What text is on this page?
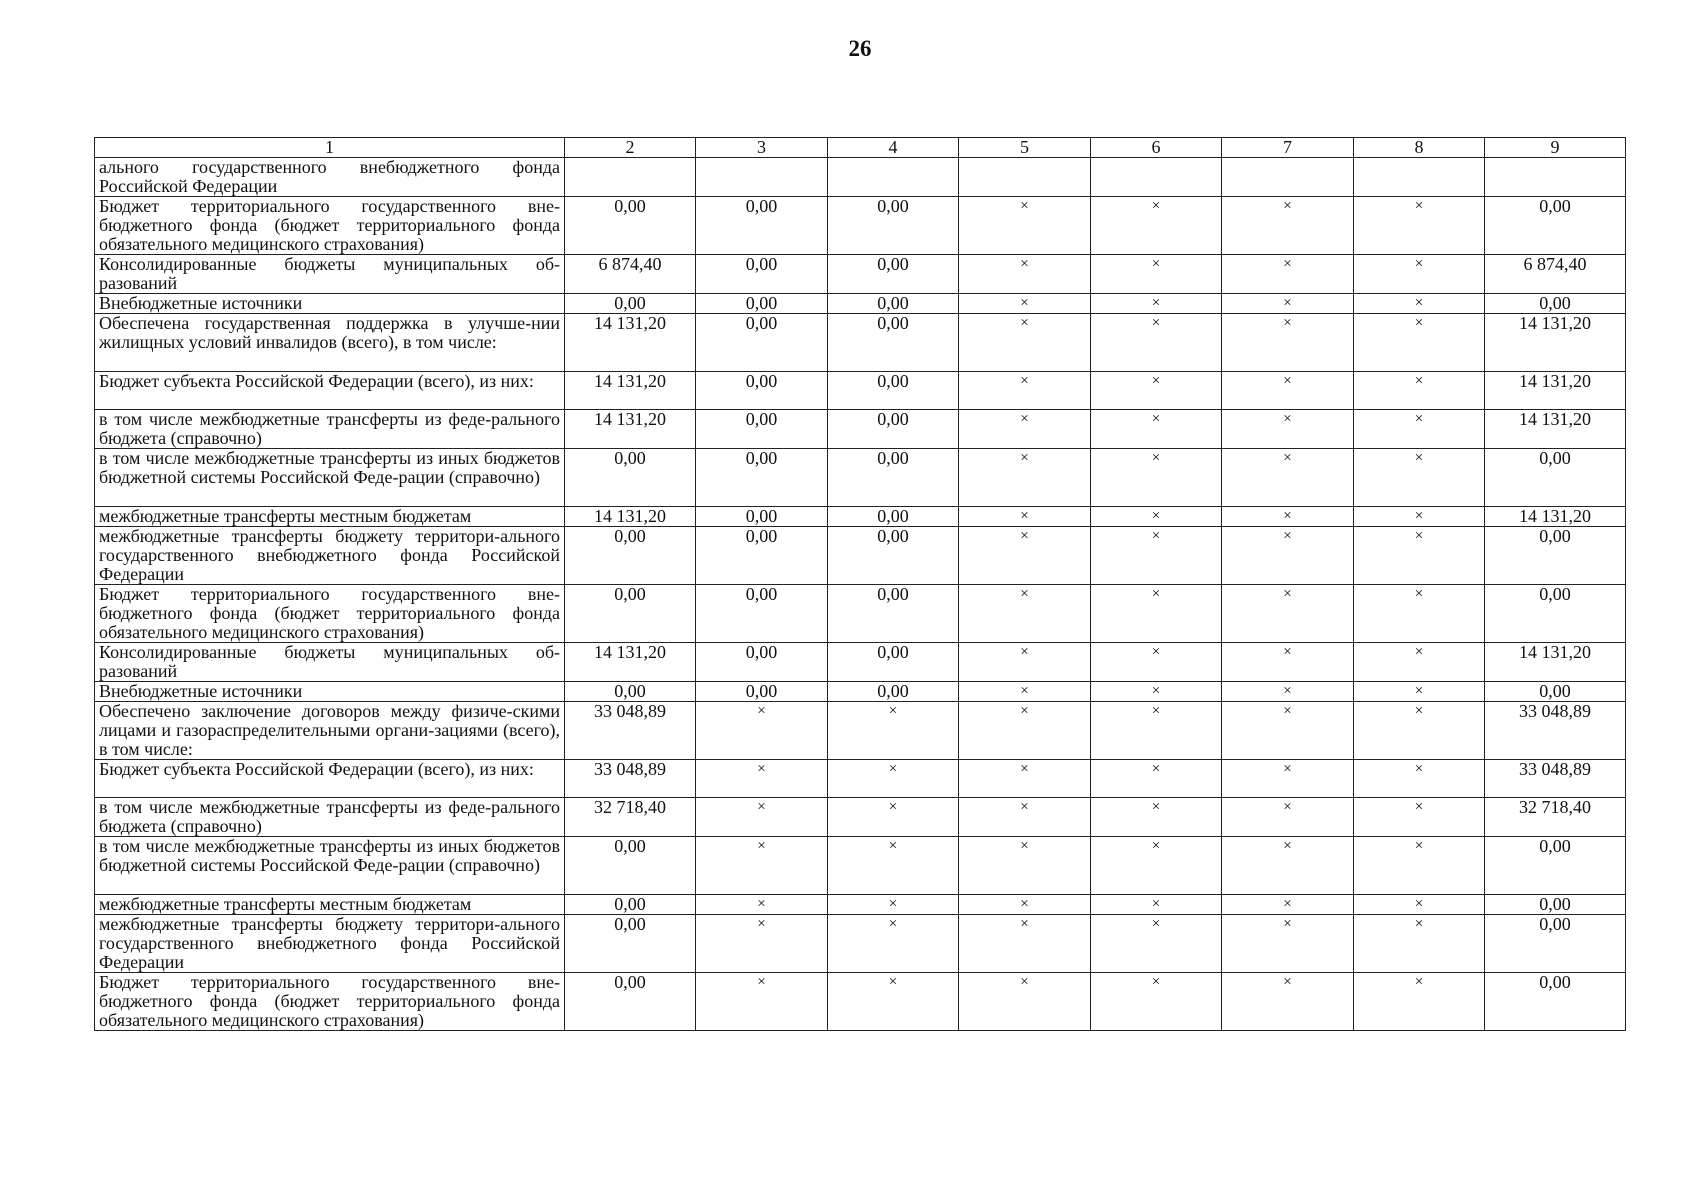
26
1	2	3	4	5	6	7	8	9
ального государственного внебюджетного фонда Российской Федерации								
Бюджет территориального государственного вне-бюджетного фонда (бюджет территориального фонда обязательного медицинского страхования)	0,00	0,00	0,00	×	×	×	×	0,00
Консолидированные бюджеты муниципальных об-разований	6 874,40	0,00	0,00	×	×	×	×	6 874,40
Внебюджетные источники	0,00	0,00	0,00	×	×	×	×	0,00
Обеспечена государственная поддержка в улучше-нии жилищных условий инвалидов (всего), в том числе:	14 131,20	0,00	0,00	×	×	×	×	14 131,20
Бюджет субъекта Российской Федерации (всего), из них:	14 131,20	0,00	0,00	×	×	×	×	14 131,20
в том числе межбюджетные трансферты из феде-рального бюджета (справочно)	14 131,20	0,00	0,00	×	×	×	×	14 131,20
в том числе межбюджетные трансферты из иных бюджетов бюджетной системы Российской Феде-рации (справочно)	0,00	0,00	0,00	×	×	×	×	0,00
межбюджетные трансферты местным бюджетам	14 131,20	0,00	0,00	×	×	×	×	14 131,20
межбюджетные трансферты бюджету территори-ального государственного внебюджетного фонда Российской Федерации	0,00	0,00	0,00	×	×	×	×	0,00
Бюджет территориального государственного вне-бюджетного фонда (бюджет территориального фонда обязательного медицинского страхования)	0,00	0,00	0,00	×	×	×	×	0,00
Консолидированные бюджеты муниципальных об-разований	14 131,20	0,00	0,00	×	×	×	×	14 131,20
Внебюджетные источники	0,00	0,00	0,00	×	×	×	×	0,00
Обеспечено заключение договоров между физиче-скими лицами и газораспределительными органи-зациями (всего), в том числе:	33 048,89	×	×	×	×	×	×	33 048,89
Бюджет субъекта Российской Федерации (всего), из них:	33 048,89	×	×	×	×	×	×	33 048,89
в том числе межбюджетные трансферты из феде-рального бюджета (справочно)	32 718,40	×	×	×	×	×	×	32 718,40
в том числе межбюджетные трансферты из иных бюджетов бюджетной системы Российской Феде-рации (справочно)	0,00	×	×	×	×	×	×	0,00
межбюджетные трансферты местным бюджетам	0,00	×	×	×	×	×	×	0,00
межбюджетные трансферты бюджету территори-ального государственного внебюджетного фонда Российской Федерации	0,00	×	×	×	×	×	×	0,00
Бюджет территориального государственного вне-бюджетного фонда (бюджет территориального фонда обязательного медицинского страхования)	0,00	×	×	×	×	×	×	0,00
